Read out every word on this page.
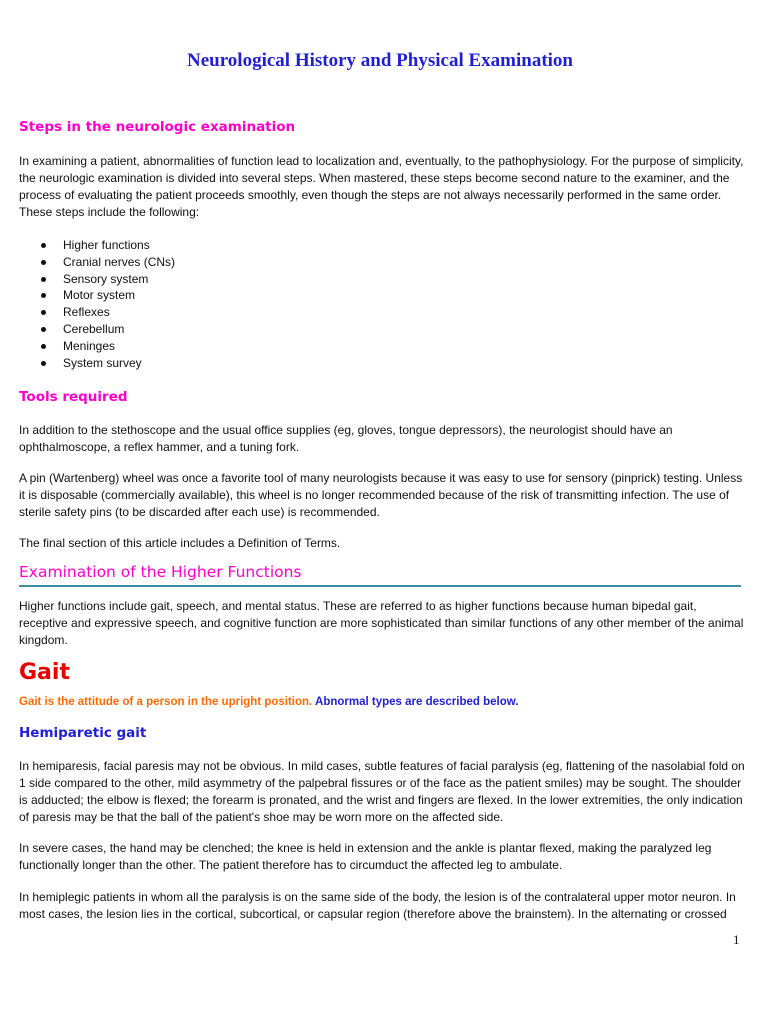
Neurological History and Physical Examination
Steps in the neurologic examination

In examining a patient, abnormalities of function lead to localization and, eventually, to the pathophysiology. For the purpose of simplicity, the neurologic examination is divided into several steps. When mastered, these steps become second nature to the examiner, and the process of evaluating the patient proceeds smoothly, even though the steps are not always necessarily performed in the same order. These steps include the following:

Higher functions
Cranial nerves (CNs)
Sensory system
Motor system
Reflexes
Cerebellum
Meninges
System survey
Tools required

In addition to the stethoscope and the usual office supplies (eg, gloves, tongue depressors), the neurologist should have an ophthalmoscope, a reflex hammer, and a tuning fork.

A pin (Wartenberg) wheel was once a favorite tool of many neurologists because it was easy to use for sensory (pinprick) testing. Unless it is disposable (commercially available), this wheel is no longer recommended because of the risk of transmitting infection. The use of sterile safety pins (to be discarded after each use) is recommended.

The final section of this article includes a Definition of Terms.

Examination of the Higher Functions

Higher functions include gait, speech, and mental status. These are referred to as higher functions because human bipedal gait, receptive and expressive speech, and cognitive function are more sophisticated than similar functions of any other member of the animal kingdom.

Gait

Gait is the attitude of a person in the upright position. Abnormal types are described below.

Hemiparetic gait

In hemiparesis, facial paresis may not be obvious. In mild cases, subtle features of facial paralysis (eg, flattening of the nasolabial fold on 1 side compared to the other, mild asymmetry of the palpebral fissures or of the face as the patient smiles) may be sought. The shoulder is adducted; the elbow is flexed; the forearm is pronated, and the wrist and fingers are flexed. In the lower extremities, the only indication of paresis may be that the ball of the patient's shoe may be worn more on the affected side.

In severe cases, the hand may be clenched; the knee is held in extension and the ankle is plantar flexed, making the paralyzed leg functionally longer than the other. The patient therefore has to circumduct the affected leg to ambulate.

In hemiplegic patients in whom all the paralysis is on the same side of the body, the lesion is of the contralateral upper motor neuron. In most cases, the lesion lies in the cortical, subcortical, or capsular region (therefore above the brainstem). In the alternating or crossed

1
